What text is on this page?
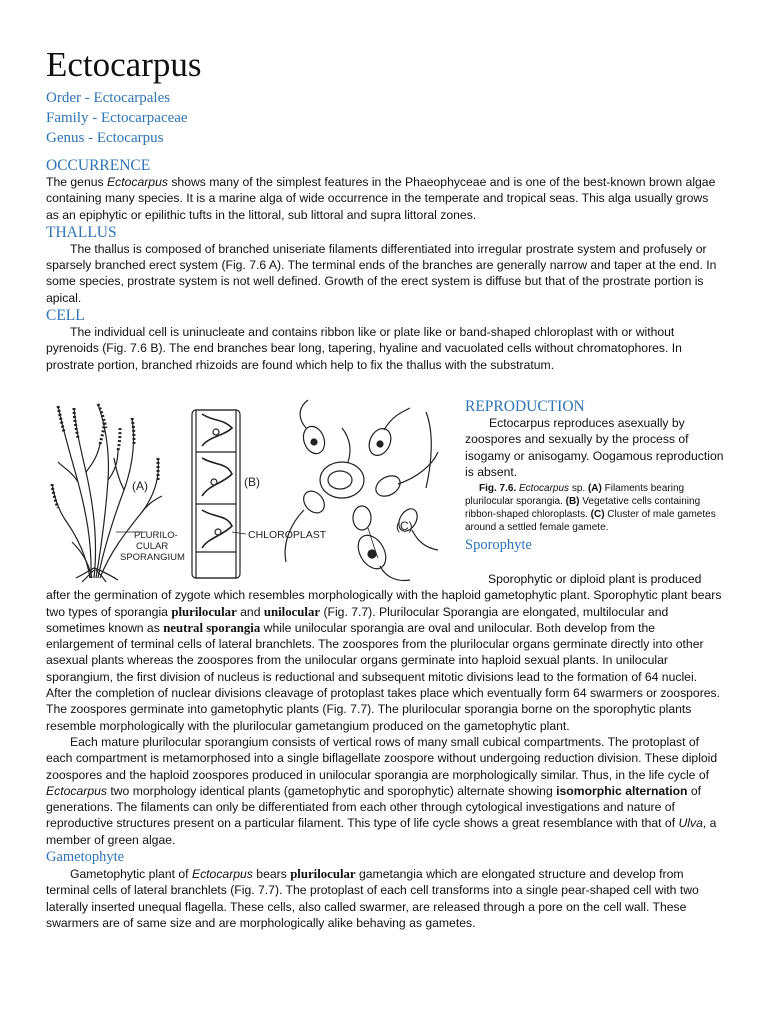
Ectocarpus
Order - Ectocarpales
Family - Ectocarpaceae
Genus - Ectocarpus
OCCURRENCE

The genus Ectocarpus shows many of the simplest features in the Phaeophyceae and is one of the best-known brown algae containing many species. It is a marine alga of wide occurrence in the temperate and tropical seas. This alga usually grows as an epiphytic or epilithic tufts in the littoral, sub littoral and supra littoral zones.

THALLUS

The thallus is composed of branched uniseriate filaments differentiated into irregular prostrate system and profusely or sparsely branched erect system (Fig. 7.6 A). The terminal ends of the branches are generally narrow and taper at the end. In some species, prostrate system is not well defined. Growth of the erect system is diffuse but that of the prostrate portion is apical.

CELL

The individual cell is uninucleate and contains ribbon like or plate like or band-shaped chloroplast with or without pyrenoids (Fig. 7.6 B). The end branches bear long, tapering, hyaline and vacuolated cells without chromatophores. In prostrate portion, branched rhizoids are found which help to fix the thallus with the substratum.

(A)
PLURILO-
CULAR
SPORANGIUM
(B)
CHLOROPLAST
(C)
REPRODUCTION

Ectocarpus reproduces asexually by zoospores and sexually by the process of isogamy or anisogamy. Oogamous reproduction is absent.

Fig. 7.6. Ectocarpus sp. (A) Filaments bearing plurilocular sporangia. (B) Vegetative cells containing ribbon-shaped chloroplasts. (C) Cluster of male gametes around a settled female gamete.

Sporophyte

Sporophytic or diploid plant is produced after the germination of zygote which resembles morphologically with the haploid gametophytic plant. Sporophytic plant bears two types of sporangia plurilocular and unilocular (Fig. 7.7). Plurilocular Sporangia are elongated, multilocular and sometimes known as neutral sporangia while unilocular sporangia are oval and unilocular. Both develop from the enlargement of terminal cells of lateral branchlets. The zoospores from the plurilocular organs germinate directly into other asexual plants whereas the zoospores from the unilocular organs germinate into haploid sexual plants. In unilocular sporangium, the first division of nucleus is reductional and subsequent mitotic divisions lead to the formation of 64 nuclei. After the completion of nuclear divisions cleavage of protoplast takes place which eventually form 64 swarmers or zoospores. The zoospores germinate into gametophytic plants (Fig. 7.7). The plurilocular sporangia borne on the sporophytic plants resemble morphologically with the plurilocular gametangium produced on the gametophytic plant.

Each mature plurilocular sporangium consists of vertical rows of many small cubical compartments. The protoplast of each compartment is metamorphosed into a single biflagellate zoospore without undergoing reduction division. These diploid zoospores and the haploid zoospores produced in unilocular sporangia are morphologically similar. Thus, in the life cycle of Ectocarpus two morphology identical plants (gametophytic and sporophytic) alternate showing isomorphic alternation of generations. The filaments can only be differentiated from each other through cytological investigations and nature of reproductive structures present on a particular filament. This type of life cycle shows a great resemblance with that of Ulva, a member of green algae.

Gametophyte

Gametophytic plant of Ectocarpus bears plurilocular gametangia which are elongated structure and develop from terminal cells of lateral branchlets (Fig. 7.7). The protoplast of each cell transforms into a single pear-shaped cell with two laterally inserted unequal flagella. These cells, also called swarmer, are released through a pore on the cell wall. These swarmers are of same size and are morphologically alike behaving as gametes.
